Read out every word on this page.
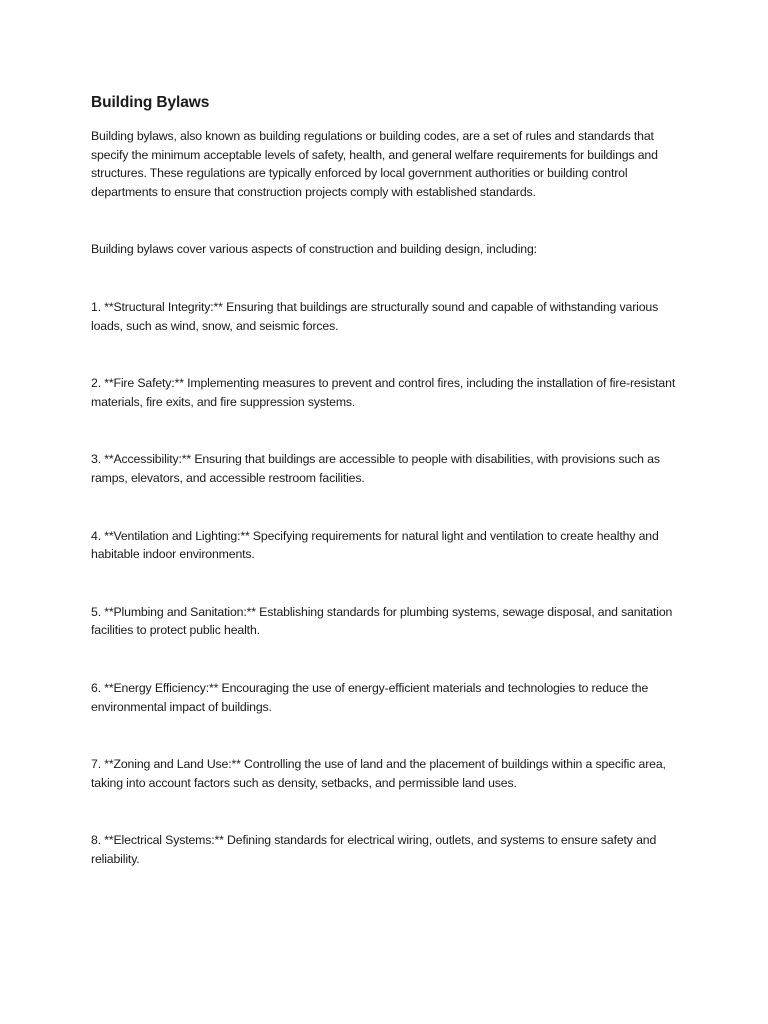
Building Bylaws

Building bylaws, also known as building regulations or building codes, are a set of rules and standards that specify the minimum acceptable levels of safety, health, and general welfare requirements for buildings and structures. These regulations are typically enforced by local government authorities or building control departments to ensure that construction projects comply with established standards.

Building bylaws cover various aspects of construction and building design, including:

1. **Structural Integrity:** Ensuring that buildings are structurally sound and capable of withstanding various loads, such as wind, snow, and seismic forces.

2. **Fire Safety:** Implementing measures to prevent and control fires, including the installation of fire-resistant materials, fire exits, and fire suppression systems.

3. **Accessibility:** Ensuring that buildings are accessible to people with disabilities, with provisions such as ramps, elevators, and accessible restroom facilities.

4. **Ventilation and Lighting:** Specifying requirements for natural light and ventilation to create healthy and habitable indoor environments.

5. **Plumbing and Sanitation:** Establishing standards for plumbing systems, sewage disposal, and sanitation facilities to protect public health.

6. **Energy Efficiency:** Encouraging the use of energy-efficient materials and technologies to reduce the environmental impact of buildings.

7. **Zoning and Land Use:** Controlling the use of land and the placement of buildings within a specific area, taking into account factors such as density, setbacks, and permissible land uses.

8. **Electrical Systems:** Defining standards for electrical wiring, outlets, and systems to ensure safety and reliability.
